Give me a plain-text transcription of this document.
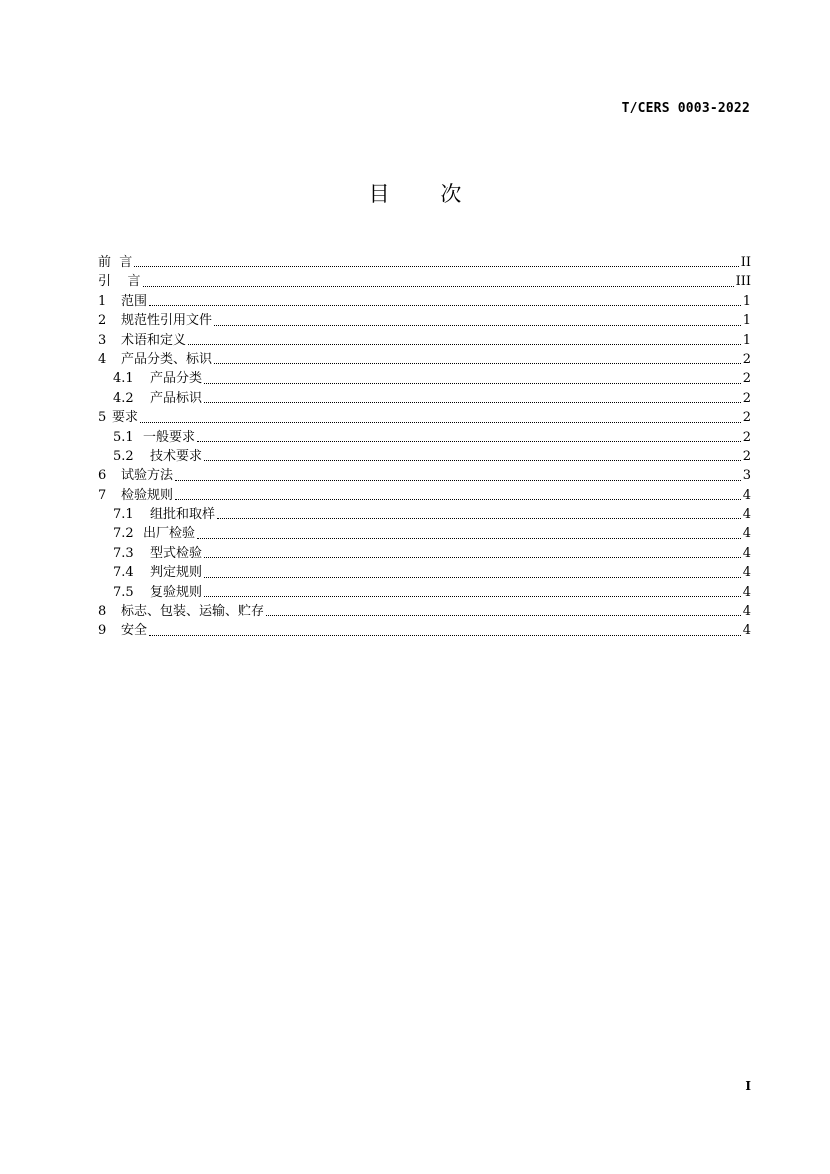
T/CERS 0003-2022
目 次
前  言	II
引    言	III
1	范围	1
2	规范性引用文件	1
3	术语和定义	1
4	产品分类、标识	2
4.1	产品分类	2
4.2	产品标识	2
5 要求	2
5.1 一般要求	2
5.2	技术要求	2
6	试验方法	3
7	检验规则	4
7.1	组批和取样	4
7.2 出厂检验	4
7.3	型式检验	4
7.4	判定规则	4
7.5	复验规则	4
8	标志、包装、运输、贮存	4
9	安全	4
I
